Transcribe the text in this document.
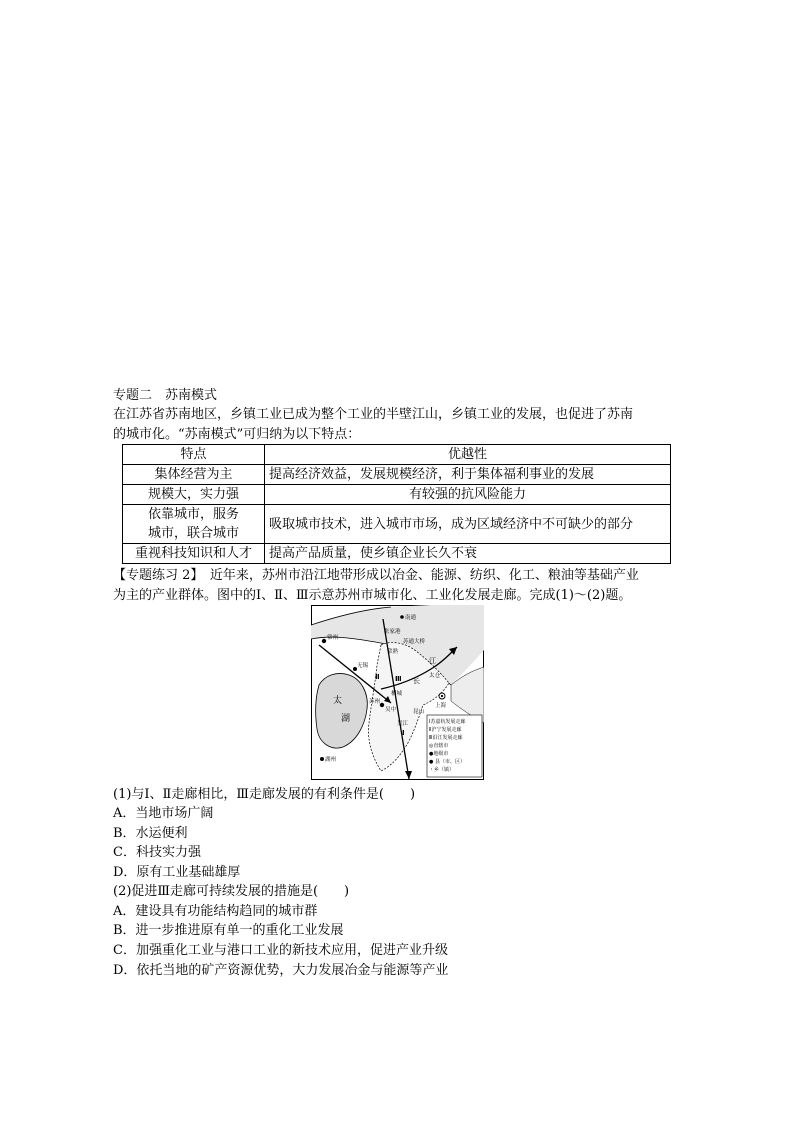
专题二　苏南模式
在江苏省苏南地区，乡镇工业已成为整个工业的半壁江山，乡镇工业的发展，也促进了苏南
的城市化。“苏南模式”可归纳为以下特点：
特点	优越性
集体经营为主	提高经济效益，发展规模经济，利于集体福利事业的发展
规模大，实力强	有较强的抗风险能力

依靠城市，服务
城市，联合城市	吸取城市技术，进入城市市场，成为区域经济中不可缺少的部分
重视科技知识和人才	提高产品质量，使乡镇企业长久不衰
【专题练习 2】　近年来，苏州市沿江地带形成以冶金、能源、纺织、化工、粮油等基础产业
为主的产业群体。图中的Ⅰ、Ⅱ、Ⅲ示意苏州市城市化、工业化发展走廊。完成(1)～(2)题。
南通
常州
张家港
苏通大桥
常熟
无锡
江
太仓
长
昆山
太
湖
苏州
吴中
相城
吴江
上海
湖州
Ⅲ
Ⅱ
Ⅰ
Ⅰ苏嘉杭发展走廊
Ⅱ沪宁发展走廊
Ⅲ沿江发展走廊
◎直辖市
●地级市
● 县（市、区）
・乡（镇）
(1)与Ⅰ、Ⅱ走廊相比，Ⅲ走廊发展的有利条件是(　　)
A．当地市场广阔
B．水运便利
C．科技实力强
D．原有工业基础雄厚
(2)促进Ⅲ走廊可持续发展的措施是(　　)
A．建设具有功能结构趋同的城市群
B．进一步推进原有单一的重化工业发展
C．加强重化工业与港口工业的新技术应用，促进产业升级
D．依托当地的矿产资源优势，大力发展冶金与能源等产业
